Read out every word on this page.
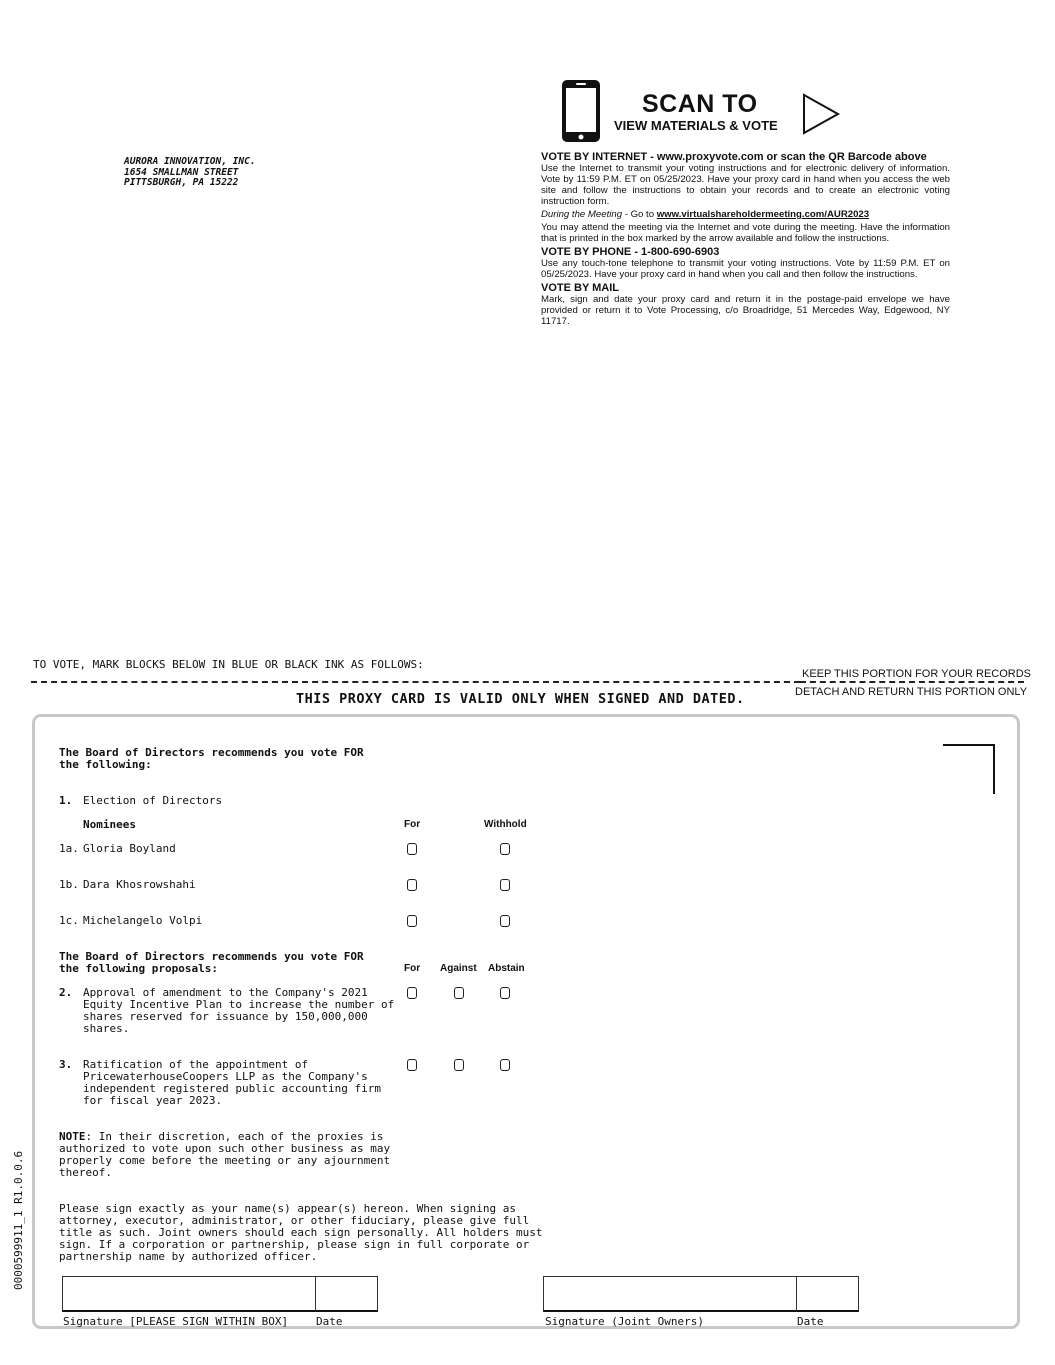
AURORA INNOVATION, INC.
1654 SMALLMAN STREET
PITTSBURGH, PA 15222
SCAN TO
VIEW MATERIALS & VOTE
VOTE BY INTERNET - www.proxyvote.com or scan the QR Barcode above

Use the Internet to transmit your voting instructions and for electronic delivery of information. Vote by 11:59 P.M. ET on 05/25/2023. Have your proxy card in hand when you access the web site and follow the instructions to obtain your records and to create an electronic voting instruction form.

During the Meeting - Go to www.virtualshareholdermeeting.com/AUR2023

You may attend the meeting via the Internet and vote during the meeting. Have the information that is printed in the box marked by the arrow available and follow the instructions.

VOTE BY PHONE - 1-800-690-6903

Use any touch-tone telephone to transmit your voting instructions. Vote by 11:59 P.M. ET on 05/25/2023. Have your proxy card in hand when you call and then follow the instructions.

VOTE BY MAIL

Mark, sign and date your proxy card and return it in the postage-paid envelope we have provided or return it to Vote Processing, c/o Broadridge, 51 Mercedes Way, Edgewood, NY 11717.

TO VOTE, MARK BLOCKS BELOW IN BLUE OR BLACK INK AS FOLLOWS:
KEEP THIS PORTION FOR YOUR RECORDS
DETACH AND RETURN THIS PORTION ONLY
THIS PROXY CARD IS VALID ONLY WHEN SIGNED AND DATED.
The Board of Directors recommends you vote FOR
the following:
1. Election of Directors
Nominees	For	Withhold
1a. Gloria Boyland
1b. Dara Khosrowshahi
1c. Michelangelo Volpi
The Board of Directors recommends you vote FOR
the following proposals:	For Against Abstain
2. Approval of amendment to the Company's 2021
Equity Incentive Plan to increase the number of
shares reserved for issuance by 150,000,000
shares.
3. Ratification of the appointment of
PricewaterhouseCoopers LLP as the Company's
independent registered public accounting firm
for fiscal year 2023.
NOTE: In their discretion, each of the proxies is
authorized to vote upon such other business as may
properly come before the meeting or any ajournment
thereof.
Please sign exactly as your name(s) appear(s) hereon. When signing as
attorney, executor, administrator, or other fiduciary, please give full
title as such. Joint owners should each sign personally. All holders must
sign. If a corporation or partnership, please sign in full corporate or
partnership name by authorized officer.
0000599911_1 R1.0.0.6
Signature [PLEASE SIGN WITHIN BOX]	Date	Signature (Joint Owners)	Date
